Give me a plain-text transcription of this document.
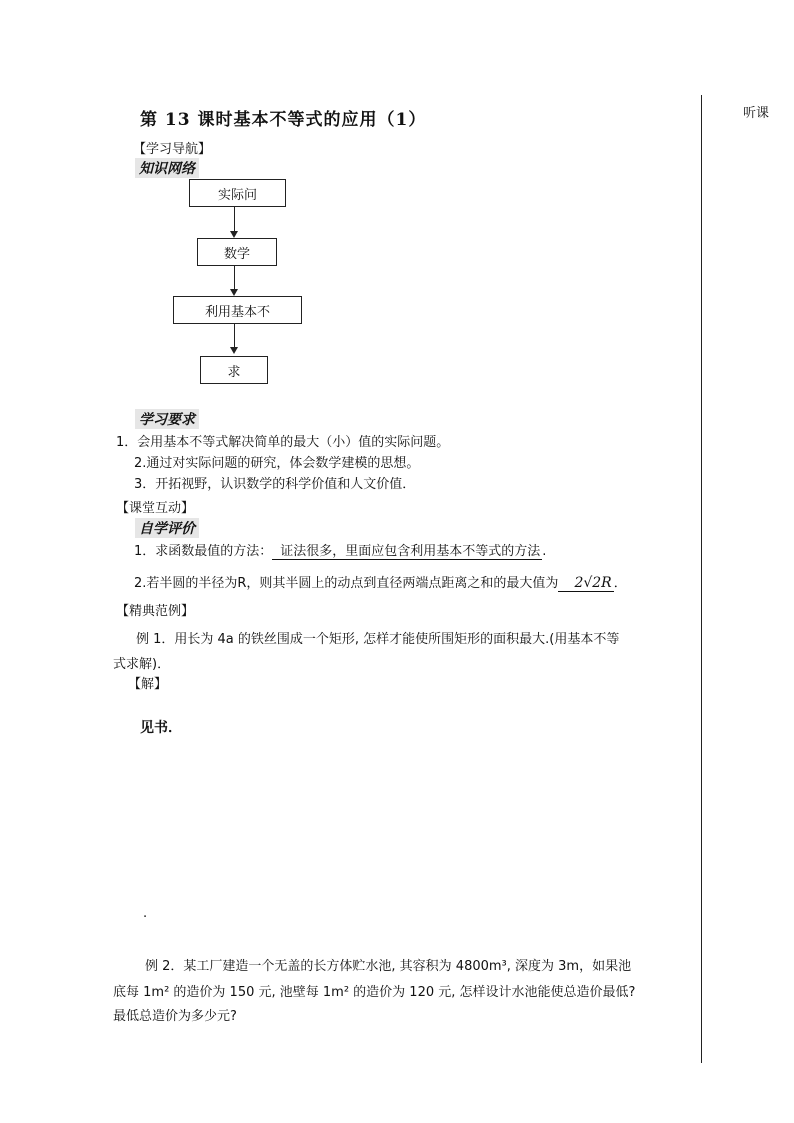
听课
第 13 课时基本不等式的应用（1）
【学习导航】
知识网络
实际问
数学
利用基本不
求
学习要求
1．会用基本不等式解决简单的最大（小）值的实际问题。
2.通过对实际问题的研究，体会数学建模的思想。
3．开拓视野，认识数学的科学价值和人文价值．
【课堂互动】
自学评价
1．求函数最值的方法： 证法很多，里面应包含利用基本不等式的方法 .
2.若半圆的半径为R，则其半圆上的动点到直径两端点距离之和的最大值为 2√2R ．
【精典范例】
例 1．用长为 4a 的铁丝围成一个矩形, 怎样才能使所围矩形的面积最大.(用基本不等
式求解)．
【解】
见书．
·
例 2．某工厂建造一个无盖的长方体贮水池, 其容积为 4800m³, 深度为 3m，如果池
底每 1m² 的造价为 150 元, 池壁每 1m² 的造价为 120 元, 怎样设计水池能使总造价最低?
最低总造价为多少元?
